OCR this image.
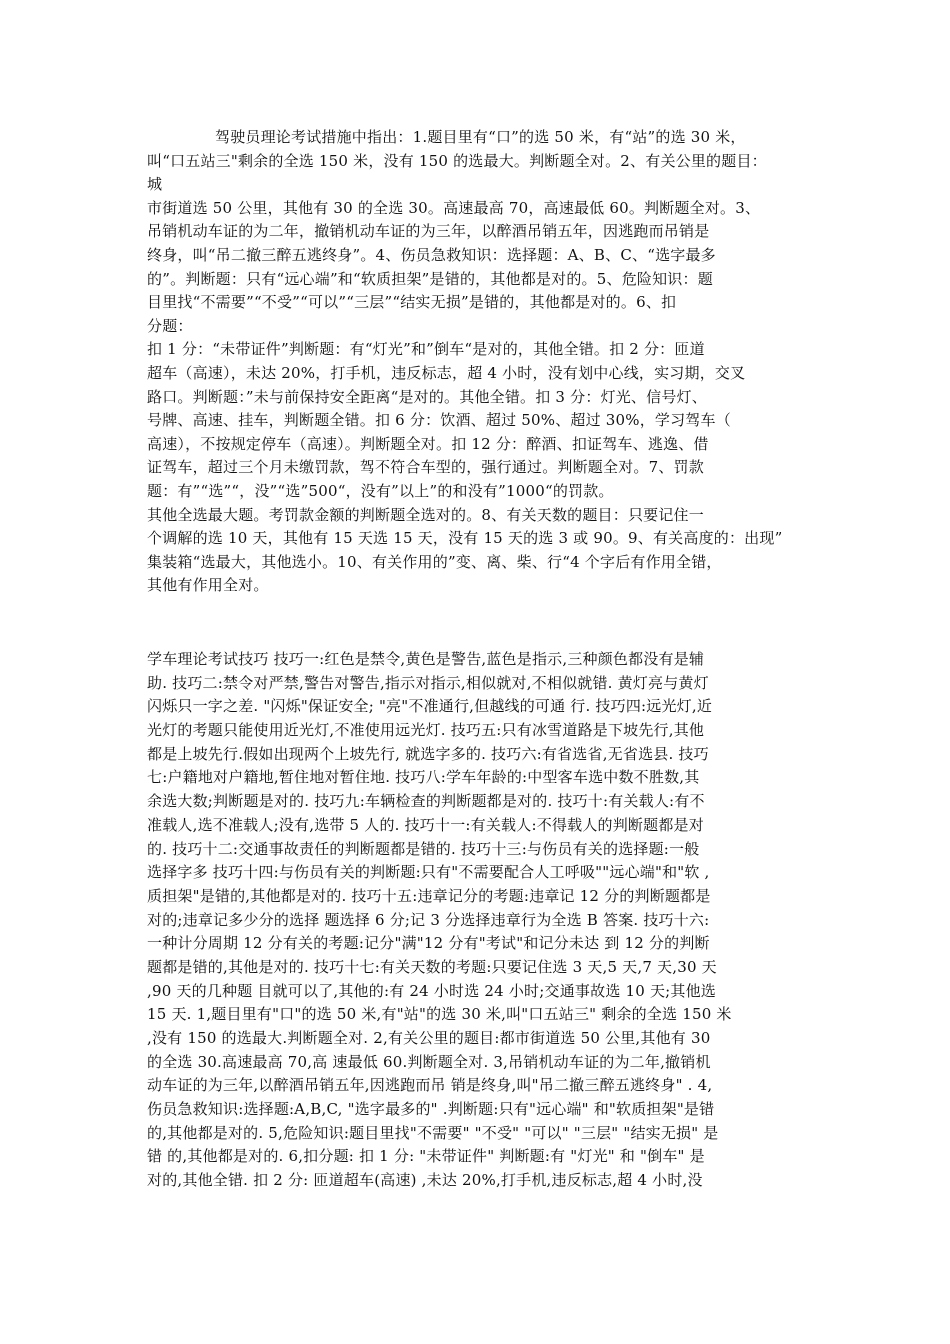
驾驶员理论考试措施中指出：1.题目里有“口”的选 50 米，有“站”的选 30 米，
叫“口五站三"剩余的全选 150 米，没有 150 的选最大。判断题全对。2、有关公里的题目：
城
市街道选 50 公里，其他有 30 的全选 30。高速最高 70，高速最低 60。判断题全对。3、
吊销机动车证的为二年，撤销机动车证的为三年，以醉酒吊销五年，因逃跑而吊销是
终身，叫“吊二撤三醉五逃终身”。4、伤员急救知识：选择题：A、B、C、“选字最多
的”。判断题：只有“远心端”和“软质担架”是错的，其他都是对的。5、危险知识：题
目里找“不需要”“不受”“可以”“三层”“结实无损”是错的，其他都是对的。6、扣
分题：
扣 1 分：“未带证件”判断题：有“灯光”和”倒车“是对的，其他全错。扣 2 分：匝道
超车（高速），未达 20%，打手机，违反标志，超 4 小时，没有划中心线，实习期，交叉
路口。判断题：”未与前保持安全距离“是对的。其他全错。扣 3 分：灯光、信号灯、
号牌、高速、挂车，判断题全错。扣 6 分：饮酒、超过 50%、超过 30%，学习驾车（
高速），不按规定停车（高速）。判断题全对。扣 12 分：醉酒、扣证驾车、逃逸、借
证驾车，超过三个月未缴罚款，驾不符合车型的，强行通过。判断题全对。7、罚款
题：有”“选”“，没”“选”500“，没有”以上”的和没有”1000“的罚款。
其他全选最大题。考罚款金额的判断题全选对的。8、有关天数的题目：只要记住一
个调解的选 10 天，其他有 15 天选 15 天，没有 15 天的选 3 或 90。9、有关高度的：出现”
集装箱“选最大，其他选小。10、有关作用的”变、离、柴、行“4 个字后有作用全错，
其他有作用全对。
学车理论考试技巧 技巧一:红色是禁令,黄色是警告,蓝色是指示,三种颜色都没有是辅
助. 技巧二:禁令对严禁,警告对警告,指示对指示,相似就对,不相似就错. 黄灯亮与黄灯
闪烁只一字之差. "闪烁"保证安全; "亮"不准通行,但越线的可通 行. 技巧四:远光灯,近
光灯的考题只能使用近光灯,不准使用远光灯. 技巧五:只有冰雪道路是下坡先行,其他
都是上坡先行.假如出现两个上坡先行, 就选字多的. 技巧六:有省选省,无省选县. 技巧
七:户籍地对户籍地,暂住地对暂住地. 技巧八:学车年龄的:中型客车选中数不胜数,其
余选大数;判断题是对的. 技巧九:车辆检查的判断题都是对的. 技巧十:有关载人:有不
准载人,选不准载人;没有,选带 5 人的. 技巧十一:有关载人:不得载人的判断题都是对
的. 技巧十二:交通事故责任的判断题都是错的. 技巧十三:与伤员有关的选择题:一般
选择字多 技巧十四:与伤员有关的判断题:只有"不需要配合人工呼吸""远心端"和"软 ,
质担架"是错的,其他都是对的. 技巧十五:违章记分的考题:违章记 12 分的判断题都是
对的;违章记多少分的选择 题选择 6 分;记 3 分选择违章行为全选 B 答案. 技巧十六:
一种计分周期 12 分有关的考题:记分"满"12 分有"考试"和记分未达 到 12 分的判断
题都是错的,其他是对的. 技巧十七:有关天数的考题:只要记住选 3 天,5 天,7 天,30 天
,90 天的几种题 目就可以了,其他的:有 24 小时选 24 小时;交通事故选 10 天;其他选
15 天. 1,题目里有"口"的选 50 米,有"站"的选 30 米,叫"口五站三" 剩余的全选 150 米
,没有 150 的选最大.判断题全对. 2,有关公里的题目:都市街道选 50 公里,其他有 30
的全选 30.高速最高 70,高 速最低 60.判断题全对. 3,吊销机动车证的为二年,撤销机
动车证的为三年,以醉酒吊销五年,因逃跑而吊 销是终身,叫"吊二撤三醉五逃终身" . 4,
伤员急救知识:选择题:A,B,C, "选字最多的" .判断题:只有"远心端" 和"软质担架"是错
的,其他都是对的. 5,危险知识:题目里找"不需要" "不受" "可以" "三层" "结实无损" 是
错 的,其他都是对的. 6,扣分题: 扣 1 分: "未带证件" 判断题:有 "灯光" 和 "倒车" 是
对的,其他全错. 扣 2 分: 匝道超车(高速) ,未达 20%,打手机,违反标志,超 4 小时,没
